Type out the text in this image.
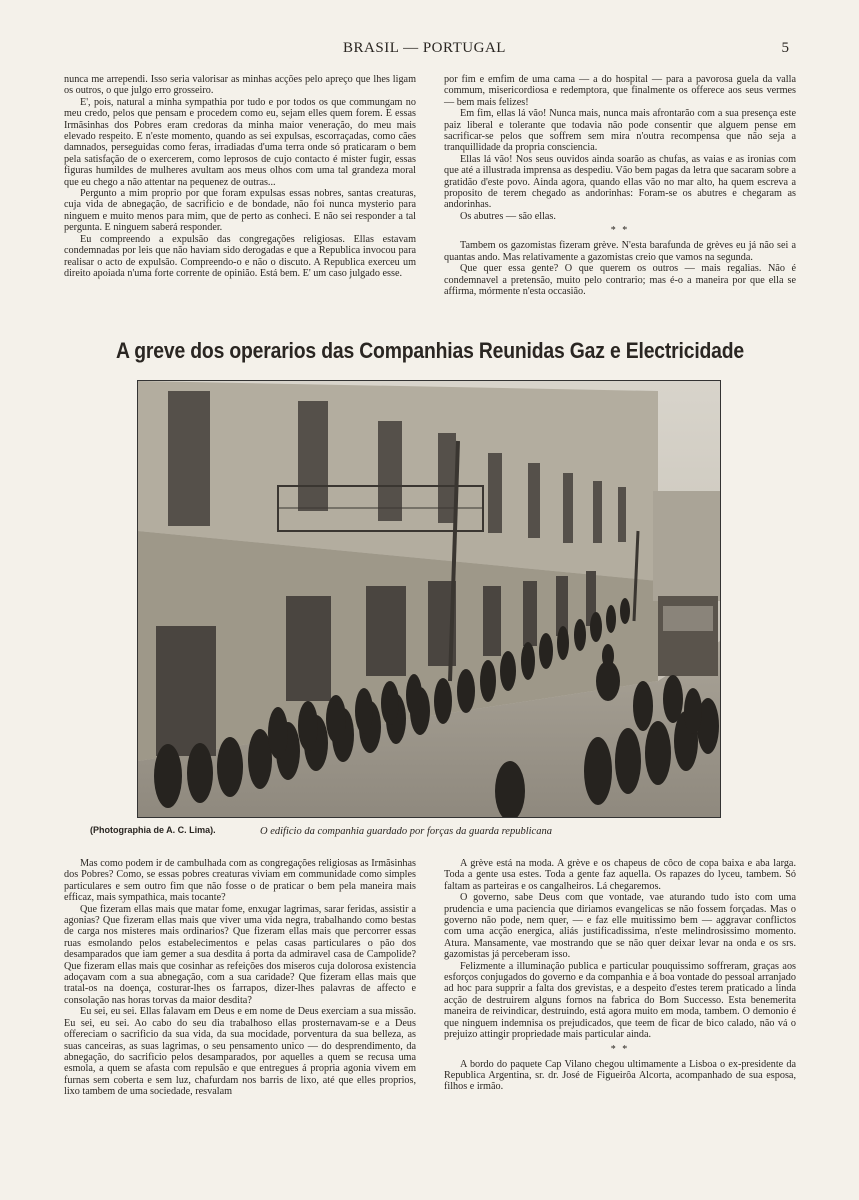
BRASIL — PORTUGAL	5

nunca me arrependi. Isso seria valorisar as minhas acções pelo apreço que lhes ligam os outros, o que julgo erro grosseiro.

E', pois, natural a minha sympathia por tudo e por todos os que commungam no meu credo, pelos que pensam e procedem como eu, sejam elles quem forem. E essas Irmãsinhas dos Pobres eram credoras da minha maior veneração, do meu mais elevado respeito. E n'este momento, quando as sei expulsas, escorraçadas, como cães damnados, perseguidas como feras, irradiadas d'uma terra onde só praticaram o bem pela satisfação de o exercerem, como leprosos de cujo contacto é mister fugir, essas figuras humildes de mulheres avultam aos meus olhos com uma tal grandeza moral que eu chego a não attentar na pequenez de outras...

Pergunto a mim proprio por que foram expulsas essas nobres, santas creaturas, cuja vida de abnegação, de sacrificio e de bondade, não foi nunca mysterio para ninguem e muito menos para mim, que de perto as conheci. E não sei responder a tal pergunta. E ninguem saberá responder.

Eu compreendo a expulsão das congregações religiosas. Ellas estavam condemnadas por leis que não haviam sido derogadas e que a Republica invocou para realisar o acto de expulsão. Compreendo-o e não o discuto. A Republica exerceu um direito apoiada n'uma forte corrente de opinião. Está bem. E' um caso julgado esse.

por fim e emfim de uma cama — a do hospital — para a pavorosa guela da valla commum, misericordiosa e redemptora, que finalmente os offerece aos seus vermes — bem mais felizes!

Em fim, ellas lá vão! Nunca mais, nunca mais afrontarão com a sua presença este paiz liberal e tolerante que todavia não pode consentir que alguem pense em sacrificar-se pelos que soffrem sem mira n'outra recompensa que não seja a tranquillidade da propria consciencia.

Ellas lá vão! Nos seus ouvidos ainda soarão as chufas, as vaias e as ironias com que até a illustrada imprensa as despediu. Vão bem pagas da letra que sacaram sobre a gratidão d'este povo. Ainda agora, quando ellas vão no mar alto, ha quem escreva a proposito de terem chegado as andorinhas: Foram-se os abutres e chegaram as andorinhas.

Os abutres — são ellas.

* *

Tambem os gazomistas fizeram grève. N'esta barafunda de grèves eu já não sei a quantas ando. Mas relativamente a gazomistas creio que vamos na segunda.

Que quer essa gente? O que querem os outros — mais regalias. Não é condemnavel a pretensão, muito pelo contrario; mas é-o a maneira por que ella se affirma, mórmente n'esta occasião.

A greve dos operarios das Companhias Reunidas Gaz e Electricidade
(Photographia de A. C. Lima).	O edificio da companhia guardado por forças da guarda republicana

Mas como podem ir de cambulhada com as congregações religiosas as Irmãsinhas dos Pobres? Como, se essas pobres creaturas viviam em communidade como simples particulares e sem outro fim que não fosse o de praticar o bem pela maneira mais efficaz, mais sympathica, mais tocante?

Que fizeram ellas mais que matar fome, enxugar lagrimas, sarar feridas, assistir a agonias? Que fizeram ellas mais que viver uma vida negra, trabalhando como bestas de carga nos misteres mais ordinarios? Que fizeram ellas mais que percorrer essas ruas esmolando pelos estabelecimentos e pelas casas particulares o pão dos desamparados que iam gemer a sua desdita á porta da admiravel casa de Campolide? Que fizeram ellas mais que cosinhar as refeições dos miseros cuja dolorosa existencia adoçavam com a sua abnegação, com a sua caridade? Que fizeram ellas mais que tratal-os na doença, costurar-lhes os farrapos, dizer-lhes palavras de affecto e consolação nas horas torvas da maior desdita?

Eu sei, eu sei. Ellas falavam em Deus e em nome de Deus exerciam a sua missão. Eu sei, eu sei. Ao cabo do seu dia trabalhoso ellas prosternavam-se e a Deus offereciam o sacrificio da sua vida, da sua mocidade, porventura da sua belleza, as suas canceiras, as suas lagrimas, o seu pensamento unico — do desprendimento, da abnegação, do sacrificio pelos desamparados, por aquelles a quem se recusa uma esmola, a quem se afasta com repulsão e que entregues á propria agonia vivem em furnas sem coberta e sem luz, chafurdam nos barris de lixo, até que elles proprios, lixo tambem de uma sociedade, resvalam

A grève está na moda. A grève e os chapeus de côco de copa baixa e aba larga. Toda a gente usa estes. Toda a gente faz aquella. Os rapazes do lyceu, tambem. Só faltam as parteiras e os cangalheiros. Lá chegaremos.

O governo, sabe Deus com que vontade, vae aturando tudo isto com uma prudencia e uma paciencia que diriamos evangelicas se não fossem forçadas. Mas o governo não pode, nem quer, — e faz elle muitissimo bem — aggravar conflictos com uma acção energica, aliás justificadissima, n'este melindrosissimo momento. Atura. Mansamente, vae mostrando que se não quer deixar levar na onda e os srs. gazomistas já perceberam isso.

Felizmente a illuminação publica e particular pouquissimo soffreram, graças aos esforços conjugados do governo e da companhia e á boa vontade do pessoal arranjado ad hoc para supprir a falta dos grevistas, e a despeito d'estes terem praticado a linda acção de destruirem alguns fornos na fabrica do Bom Successo. Esta benemerita maneira de reivindicar, destruindo, está agora muito em moda, tambem. O demonio é que ninguem indemnisa os prejudicados, que teem de ficar de bico calado, não vá o prejuizo attingir propriedade mais particular ainda.

* *

A bordo do paquete Cap Vilano chegou ultimamente a Lisboa o ex-presidente da Republica Argentina, sr. dr. José de Figueirôa Alcorta, acompanhado de sua esposa, filhos e irmão.
